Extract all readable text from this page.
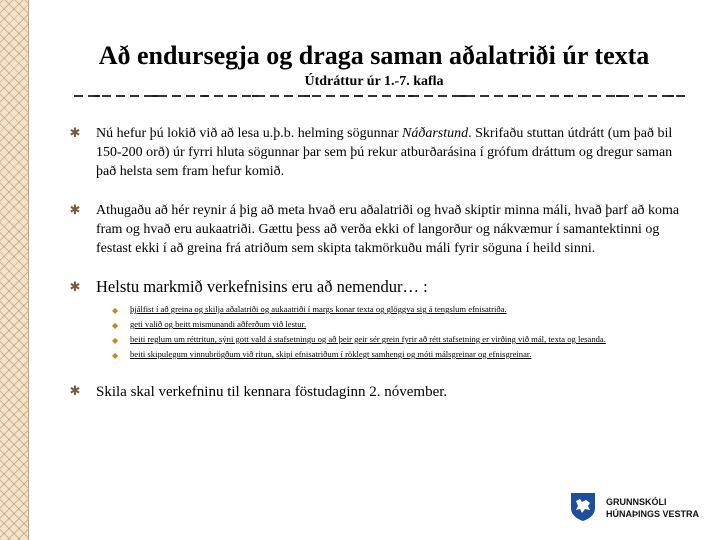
Að endursegja og draga saman aðalatriði úr texta
Útdráttur úr 1.-7. kafla
✱ Nú hefur þú lokið við að lesa u.þ.b. helming sögunnar Náðarstund. Skrifaðu stuttan útdrátt (um það bil 150-200 orð) úr fyrri hluta sögunnar þar sem þú rekur atburðarásina í grófum dráttum og dregur saman það helsta sem fram hefur komið.
✱ Athugaðu að hér reynir á þig að meta hvað eru aðalatriði og hvað skiptir minna máli, hvað þarf að koma fram og hvað eru aukaatriði. Gættu þess að verða ekki of langorður og nákvæmur í samantektinni og festast ekki í að greina frá atriðum sem skipta takmörkuðu máli fyrir söguna í heild sinni.
✱ Helstu markmið verkefnisins eru að nemendur… :
◆ þjálfist í að greina og skilja aðalatriði og aukaatriði í margs konar texta og glöggva sig á tengslum efnisatriða.
◆ geti valið og beitt mismunandi aðferðum við lestur.
◆ beiti reglum um réttritun, sýni gott vald á stafsetningu og að þeir geir sér grein fyrir að rétt stafsetning er virðing við mál, texta og lesanda.
◆ beiti skipulegum vinnubrögðum við ritun, skipi efnisatriðum í röklegt samhengi og móti málsgreinar og efnisgreinar.
✱ Skila skal verkefninu til kennara föstudaginn 2. nóvember.
GRUNNSKÓLI
HÚNAÞINGS VESTRA
